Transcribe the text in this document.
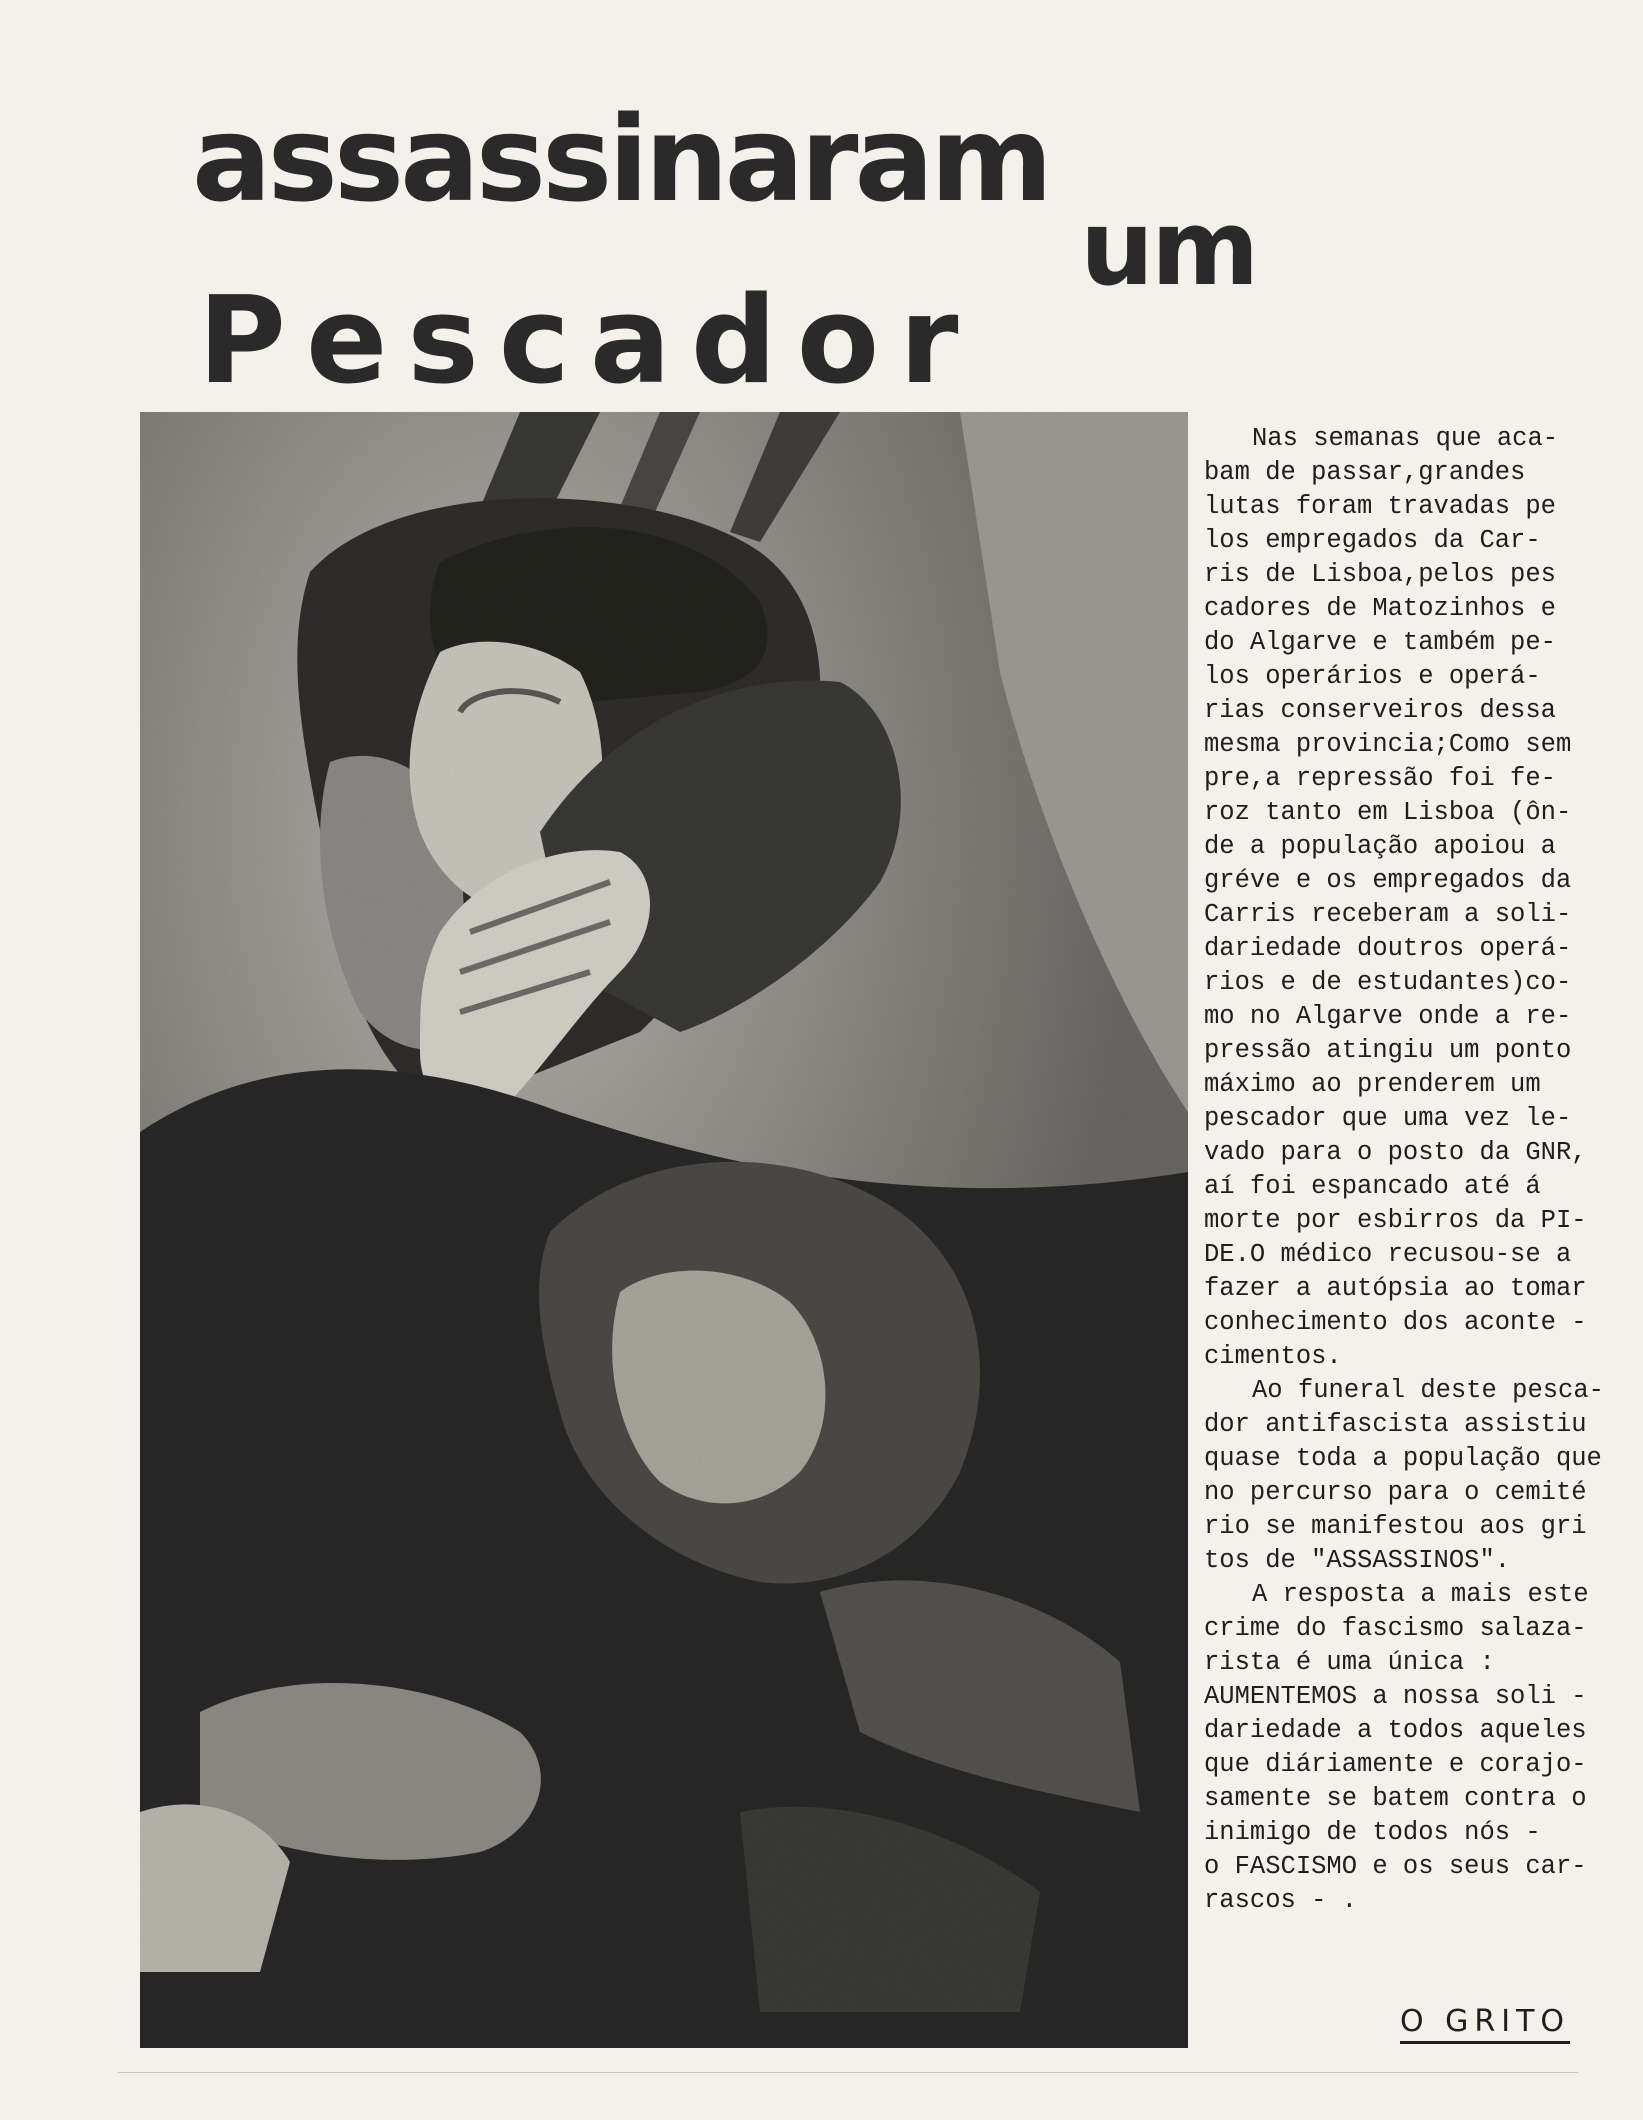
assassinaram
um
Pescador

Nas semanas que aca-
bam de passar,grandes
lutas foram travadas pe
los empregados da Car-
ris de Lisboa,pelos pes
cadores de Matozinhos e
do Algarve e também pe-
los operários e operá-
rias conserveiros dessa
mesma provincia;Como sem
pre,a repressão foi fe-
roz tanto em Lisboa (ôn-
de a população apoiou a
gréve e os empregados da
Carris receberam a soli-
dariedade doutros operá-
rios e de estudantes)co-
mo no Algarve onde a re-
pressão atingiu um ponto
máximo ao prenderem um
pescador que uma vez le-
vado para o posto da GNR,
aí foi espancado até á
morte por esbirros da PI-
DE.O médico recusou-se a
fazer a autópsia ao tomar
conhecimento dos aconte -
cimentos.

Ao funeral deste pesca-
dor antifascista assistiu
quase toda a população que
no percurso para o cemité
rio se manifestou aos gri
tos de "ASSASSINOS".

A resposta a mais este
crime do fascismo salaza-
rista é uma única :
AUMENTEMOS a nossa soli -
dariedade a todos aqueles
que diáriamente e corajo-
samente se batem contra o
inimigo de todos nós -
o FASCISMO e os seus car-
rascos - .

O GRITO
